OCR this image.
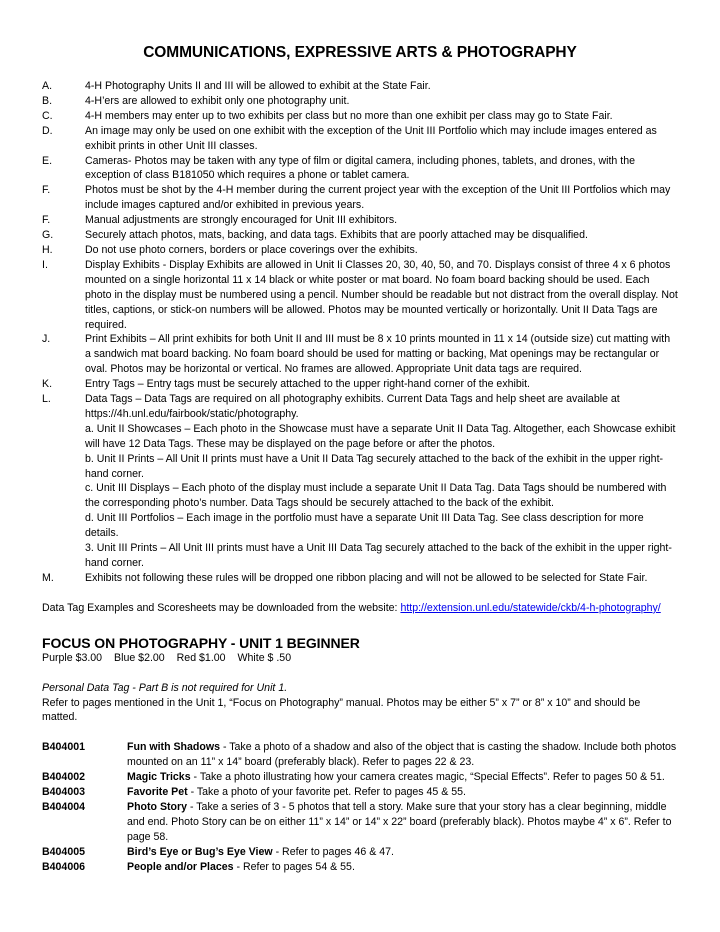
COMMUNICATIONS, EXPRESSIVE ARTS & PHOTOGRAPHY
A.	4-H Photography Units II and III will be allowed to exhibit at the State Fair.
B.	4-H’ers are allowed to exhibit only one photography unit.
C.	4-H members may enter up to two exhibits per class but no more than one exhibit per class may go to State Fair.
D.	An image may only be used on one exhibit with the exception of the Unit III Portfolio which may include images entered as exhibit prints in other Unit III classes.
E.	Cameras- Photos may be taken with any type of film or digital camera, including phones, tablets, and drones, with the exception of class B181050 which requires a phone or tablet camera.
F.	Photos must be shot by the 4-H member during the current project year with the exception of the Unit III Portfolios which may include images captured and/or exhibited in previous years.
F.	Manual adjustments are strongly encouraged for Unit III exhibitors.
G.	Securely attach photos, mats, backing, and data tags. Exhibits that are poorly attached may be disqualified.
H.	Do not use photo corners, borders or place coverings over the exhibits.
I.	Display Exhibits - Display Exhibits are allowed in Unit Ii Classes 20, 30, 40, 50, and 70. Displays consist of three 4 x 6 photos mounted on a single horizontal 11 x 14 black or white poster or mat board. No foam board backing should be used. Each photo in the display must be numbered using a pencil. Number should be readable but not distract from the overall display. Not titles, captions, or stick-on numbers will be allowed. Photos may be mounted vertically or horizontally. Unit II Data Tags are required.
J.	Print Exhibits – All print exhibits for both Unit II and III must be 8 x 10 prints mounted in 11 x 14 (outside size) cut matting with a sandwich mat board backing. No foam board should be used for matting or backing, Mat openings may be rectangular or oval. Photos may be horizontal or vertical. No frames are allowed. Appropriate Unit data tags are required.
K.	Entry Tags – Entry tags must be securely attached to the upper right-hand corner of the exhibit.
L.	Data Tags – Data Tags are required on all photography exhibits. Current Data Tags and help sheet are available at https://4h.unl.edu/fairbook/static/photography.
a. Unit II Showcases – Each photo in the Showcase must have a separate Unit II Data Tag. Altogether, each Showcase exhibit will have 12 Data Tags. These may be displayed on the page before or after the photos.
b. Unit II Prints – All Unit II prints must have a Unit II Data Tag securely attached to the back of the exhibit in the upper right-hand corner.
c. Unit III Displays – Each photo of the display must include a separate Unit II Data Tag. Data Tags should be numbered with the corresponding photo’s number. Data Tags should be securely attached to the back of the exhibit.
d. Unit III Portfolios – Each image in the portfolio must have a separate Unit III Data Tag. See class description for more details.
3. Unit III Prints – All Unit III prints must have a Unit III Data Tag securely attached to the back of the exhibit in the upper right-hand corner.
M.	Exhibits not following these rules will be dropped one ribbon placing and will not be allowed to be selected for State Fair.
Data Tag Examples and Scoresheets may be downloaded from the website: http://extension.unl.edu/statewide/ckb/4-h-photography/
FOCUS ON PHOTOGRAPHY - UNIT 1 BEGINNER
Purple $3.00 Blue $2.00 Red $1.00 White $ .50
Personal Data Tag - Part B is not required for Unit 1.
Refer to pages mentioned in the Unit 1, “Focus on Photography” manual. Photos may be either 5” x 7” or 8” x 10” and should be matted.
B404001	Fun with Shadows - Take a photo of a shadow and also of the object that is casting the shadow. Include both photos mounted on an 11” x 14” board (preferably black). Refer to pages 22 & 23.
B404002	Magic Tricks - Take a photo illustrating how your camera creates magic, “Special Effects”. Refer to pages 50 & 51.
B404003	Favorite Pet - Take a photo of your favorite pet. Refer to pages 45 & 55.
B404004	Photo Story - Take a series of 3 - 5 photos that tell a story. Make sure that your story has a clear beginning, middle and end. Photo Story can be on either 11” x 14” or 14” x 22” board (preferably black). Photos maybe 4” x 6”. Refer to page 58.
B404005	Bird’s Eye or Bug’s Eye View - Refer to pages 46 & 47.
B404006	People and/or Places - Refer to pages 54 & 55.
